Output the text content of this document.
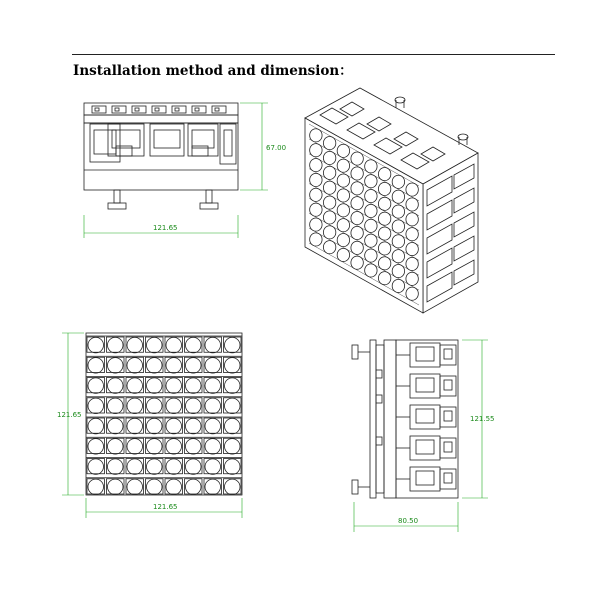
Installation method and dimension：
121.65
67.00
121.65
121.65
121.55
80.50
